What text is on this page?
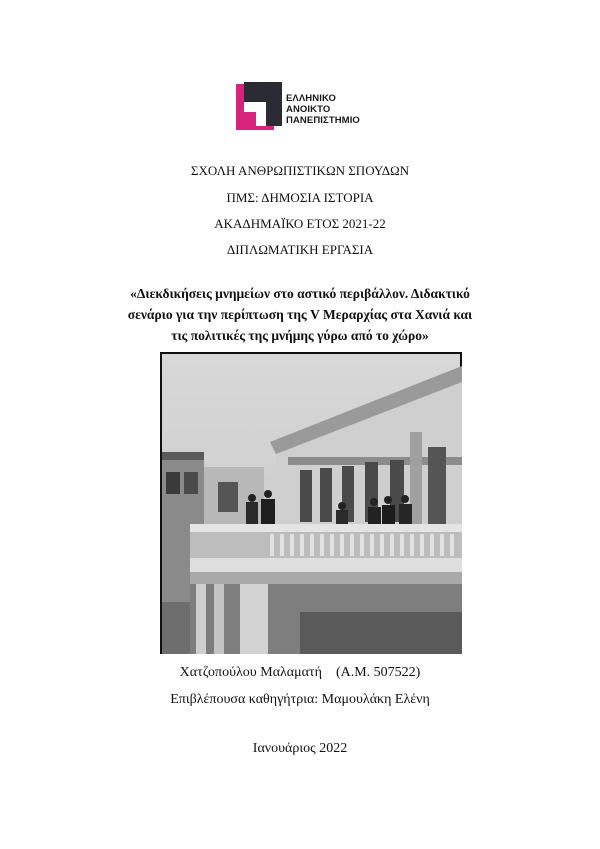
ΕΛΛΗΝΙΚΟ
ΑΝΟΙΚΤΟ
ΠΑΝΕΠΙΣΤΗΜΙΟ
ΣΧΟΛΗ ΑΝΘΡΩΠΙΣΤΙΚΩΝ ΣΠΟΥΔΩΝ
ΠΜΣ: ΔΗΜΟΣΙΑ ΙΣΤΟΡΙΑ
ΑΚΑΔΗΜΑΪΚΟ ΕΤΟΣ 2021-22
ΔΙΠΛΩΜΑΤΙΚΗ ΕΡΓΑΣΙΑ
«Διεκδικήσεις μνημείων στο αστικό περιβάλλον. Διδακτικό
σενάριο για την περίπτωση της V Μεραρχίας στα Χανιά και
τις πολιτικές της μνήμης γύρω από το χώρο»
Χατζοπούλου Μαλαματή (Α.Μ. 507522)
Επιβλέπουσα καθηγήτρια: Μαμουλάκη Ελένη
Ιανουάριος 2022
